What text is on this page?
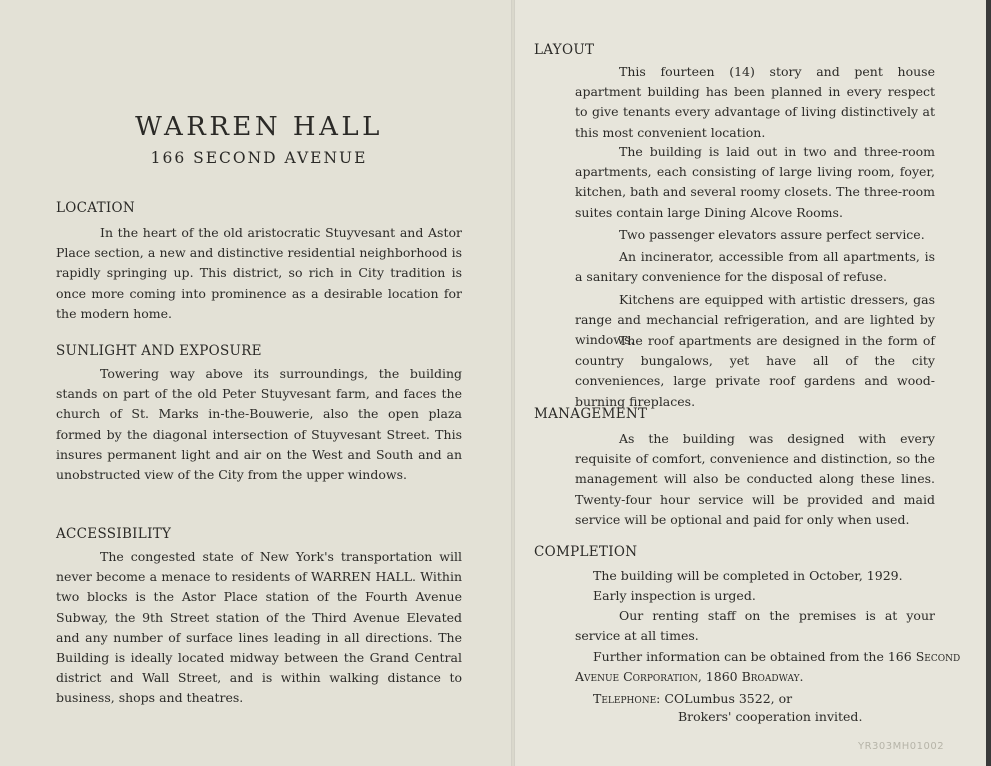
WARREN HALL
166 SECOND AVENUE
LOCATION

In the heart of the old aristocratic Stuyvesant and Astor Place section, a new and distinctive residential neighborhood is rapidly springing up. This district, so rich in City tradition is once more coming into prominence as a desirable location for the modern home.

SUNLIGHT AND EXPOSURE

Towering way above its surroundings, the building stands on part of the old Peter Stuyvesant farm, and faces the church of St. Marks in-the-Bouwerie, also the open plaza formed by the diagonal intersection of Stuyvesant Street. This insures permanent light and air on the West and South and an unobstructed view of the City from the upper windows.

ACCESSIBILITY

The congested state of New York's transportation will never become a menace to residents of WARREN HALL. Within two blocks is the Astor Place station of the Fourth Avenue Subway, the 9th Street station of the Third Avenue Elevated and any number of surface lines leading in all directions. The Building is ideally located midway between the Grand Central district and Wall Street, and is within walking distance to business, shops and theatres.

LAYOUT

This fourteen (14) story and pent house apartment building has been planned in every respect to give tenants every advantage of living distinctively at this most convenient location.

The building is laid out in two and three-room apartments, each consisting of large living room, foyer, kitchen, bath and several roomy closets. The three-room suites contain large Dining Alcove Rooms.

Two passenger elevators assure perfect service.

An incinerator, accessible from all apartments, is a sanitary convenience for the disposal of refuse.

Kitchens are equipped with artistic dressers, gas range and mechancial refrigeration, and are lighted by windows.

The roof apartments are designed in the form of country bungalows, yet have all of the city conveniences, large private roof gardens and wood-burning fireplaces.

MANAGEMENT

As the building was designed with every requisite of comfort, convenience and distinction, so the management will also be conducted along these lines. Twenty-four hour service will be provided and maid service will be optional and paid for only when used.

COMPLETION

The building will be completed in October, 1929.

Early inspection is urged.

Our renting staff on the premises is at your service at all times.

Further information can be obtained from the 166 Second

Avenue Corporation, 1860 Broadway.

Telephone: COLumbus 3522, or

Brokers' cooperation invited.

YR303MH01002
